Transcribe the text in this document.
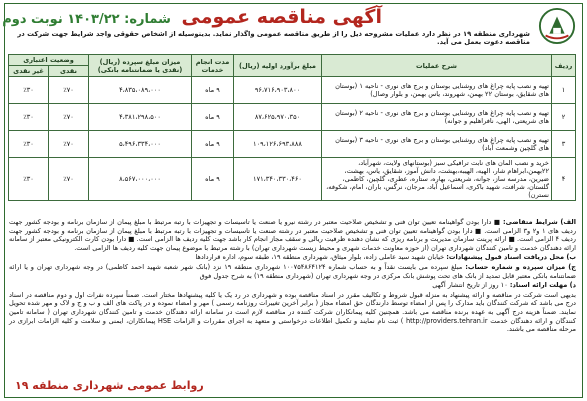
آگهی مناقصه عمومی شماره: ۱۴۰۳/۲۲ نوبت دوم
شهرداری منطقه ۱۹ در نظر دارد عملیات مشروحه ذیل را از طریق مناقصه عمومی واگذار نماید. بدینوسیله از اشخاص حقوقی واجد شرایط جهت شرکت در مناقصه دعوت بعمل می آید.
ردیف	شرح عملیات	مبلغ برآورد اولیه (ریال)	مدت انجام خدمات	میزان مبلغ سپرده (ریال) (نقدی یا ضمانتنامه بانکی)	وضعیت اعتباری	
					نقدی	غیر نقدی
۱	تهیه و نصب پایه چراغ های روشنایی بوستان و برج های نوری - ناحیه ۱ (بوستان های شقایق، بوستان ۲۲ بهمن، شهروند، یاس بهمن، و بلوار وصال)	۹۶،۷۱۶،۹۰۳،۸۰۰	۹ ماه	۴،۸۳۵،۰۸۹،۰۰۰	٪۷۰	٪۳۰
۲	تهیه و نصب پایه چراغ های روشنایی بوستان و برج های نوری - ناحیه ۲ (بوستان های شریعتی، الهی، نافراهلیم و جوانه)	۸۷،۶۲۵،۹۷۰،۳۵۰	۹ ماه	۴،۳۸۱،۲۹۸،۵۰۰	٪۷۰	٪۳۰
۳	تهیه و نصب پایه چراغ های روشنایی بوستان و برج های نوری - ناحیه ۳ (بوستان های گلچین وشمعت آباد)	۱۰۹،۱۲۶،۶۹۳،۸۸۸	۹ ماه	۵،۴۹۶،۳۳۴،۰۰۰	٪۷۰	٪۳۰
۴	خرید و نصب المان های نابت ترافیکی سبز (بوستانهای ولایت، شهرآباد، ۲۲بهمن،ابراهام شار، الهیه، الهیبه،بهشت، دانش آموز، شقایق، یاس، بهشت، ضیرین، مدرسه ساز، جوانه، شریعتی، بهاره، ستاره، عطری، گلچین، کاظمی، گلستان، شرافت، شهید باکری، اسماعیل آباد، مرجان، نرگس، باران، امام، شکوفه، نسترن)	۱۷۱،۳۴۰،۳۳۰،۴۶۰	۹ ماه	۸،۵۶۷،۰۰۰،۰۰۰	٪۷۰	٪۳۰

الف) شرایط متقاضی: ■ دارا بودن گواهینامه تعیین توان فنی و تشخیص صلاحیت معتبر در رشته نیرو یا صنعت یا تاسیسات و تجهیزات با رتبه مرتبط با مبلغ پیمان از سازمان برنامه و بودجه کشور جهت ردیف های ۱ و۲ و۳ الزامی است. ■ دارا بودن گواهینامه تعیین توان فنی و تشخیص صلاحیت معتبر در رشته صنعت یا تاسیسات و تجهیزات با رتبه مرتبط با مبلغ پیمان از سازمان برنامه و بودجه کشور جهت ردیف ۴ الزامی است. ■ ارائه پرینت سازمان مدیریت و برنامه ریزی که نشان دهنده ظرفیت ریالی و سقف مجاز انجام کار باشد جهت کلیه ردیف ها الزامی است. ■ دارا بودن کارت الکترونیکی معتبر از سامانه ارائه دهندگان خدمت و تامین کنندگان شهرداری تهران (از حوزه معاونت خدمات شهری و محیط زیست شهرداری تهران) با رشته مرتبط با موضوع پیمان جهت کلیه ردیف ها الزامی است.

ب) محل دریافت اسناد قبول پیشنهادات: خیابان شهید سید عاملی زاده، بلوار میثاق، شهرداری منطقه ۱۹، طبقه سوم، اداره قراردادها

ج) میزان سپرده و شماره حساب: مبلغ سپرده می بایست نقداً و به حساب شماره ۱۰۰۷۵۴۸۶۴۱۲۴ شهرداری منطقه ۱۹ نزد (بانک شهر شعبه شهید احمد کاظمی) در وجه شهرداری تهران و یا ارائه ضمانتنامه بانکی معتبر قابل تمدید از بانک های تحت پوشش بانک مرکزی در وجه شهرداری تهران (شهرداری منطقه ۱۹) به شرح جدول فوق

د) مهلت ارائه اسناد: ۱۰ روز از تاریخ انتشار آگهی

بدیهی است شرکت در مناقصه و ارائه پیشنهاد به منزله قبول شروط و تکالیف مقرر در اسناد مناقصه بوده و شهرداری در رد یک یا کلیه پیشنهادها مختار است. ضمناً سپرده نفرات اول و دوم مناقصه در اسناد درج می باشد که شرکت کنندگان باید مدارک را پس از امضاء توسط دارندگان حق امضاء مجاز ( برابر آخرین تغییرات روزنامه رسمی ) مهر و امضاء نموده و در پاکت های الف و ب و ج و لاک و مهر شده تحویل نمایند. ضمناً هزینه درج آگهی به عهده برنده مناقصه می باشد. همچنین کلیه پیمانکاران شرکت کننده در مناقصه لازم است در سامانه ارائه دهندگان خدمت و تامین کنندگان شهرداری تهران ( سامانه تامین کنندگان و ارائه دهندگان خدمت http://providers.tehran.ir ) ثبت نام نمایند و تکمیل اطلاعات درخواستی و متعهد به اجرای مقررات و الزامات HSE پیمانکاران، ایمنی و سلامت و کلیه الزامات ابرازی در مرحله مناقصه می باشند.

روابط عمومی شهرداری منطقه ۱۹
